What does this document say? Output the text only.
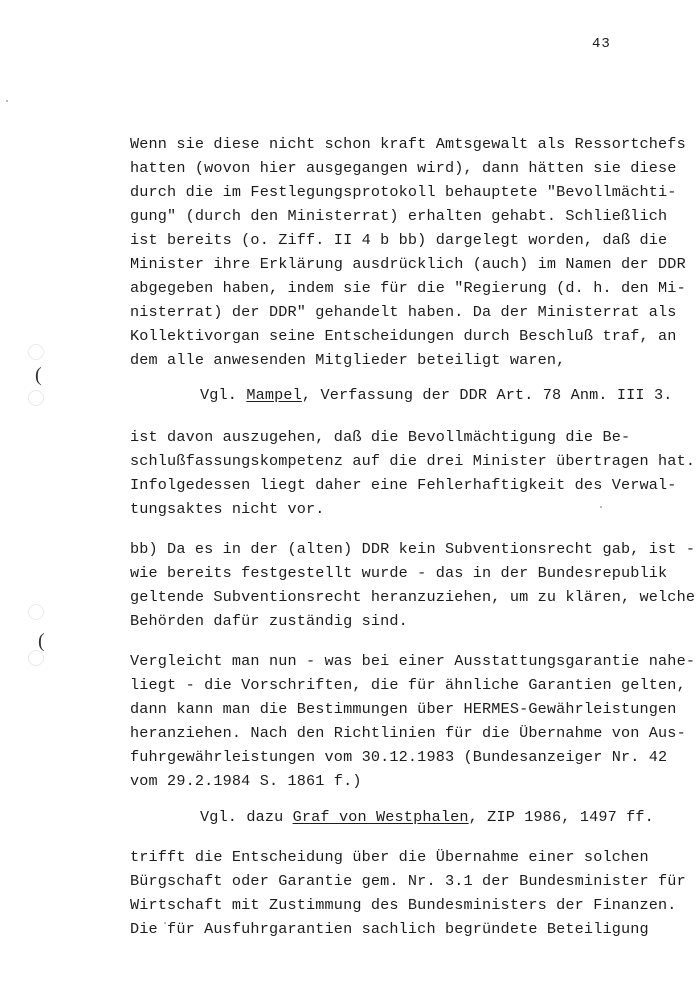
43
(
(
Wenn sie diese nicht schon kraft Amtsgewalt als Ressortchefs
hatten (wovon hier ausgegangen wird), dann hätten sie diese
durch die im Festlegungsprotokoll behauptete "Bevollmächti-
gung" (durch den Ministerrat) erhalten gehabt. Schließlich
ist bereits (o. Ziff. II 4 b bb) dargelegt worden, daß die
Minister ihre Erklärung ausdrücklich (auch) im Namen der DDR
abgegeben haben, indem sie für die "Regierung (d. h. den Mi-
nisterrat) der DDR" gehandelt haben. Da der Ministerrat als
Kollektivorgan seine Entscheidungen durch Beschluß traf, an
dem alle anwesenden Mitglieder beteiligt waren,
Vgl. Mampel, Verfassung der DDR Art. 78 Anm. III 3.
ist davon auszugehen, daß die Bevollmächtigung die Be-
schlußfassungskompetenz auf die drei Minister übertragen hat.
Infolgedessen liegt daher eine Fehlerhaftigkeit des Verwal-
tungsaktes nicht vor.
bb) Da es in der (alten) DDR kein Subventionsrecht gab, ist -
wie bereits festgestellt wurde - das in der Bundesrepublik
geltende Subventionsrecht heranzuziehen, um zu klären, welche
Behörden dafür zuständig sind.
Vergleicht man nun - was bei einer Ausstattungsgarantie nahe-
liegt - die Vorschriften, die für ähnliche Garantien gelten,
dann kann man die Bestimmungen über HERMES-Gewährleistungen
heranziehen. Nach den Richtlinien für die Übernahme von Aus-
fuhrgewährleistungen vom 30.12.1983 (Bundesanzeiger Nr. 42
vom 29.2.1984 S. 1861 f.)
Vgl. dazu Graf von Westphalen, ZIP 1986, 1497 ff.
trifft die Entscheidung über die Übernahme einer solchen
Bürgschaft oder Garantie gem. Nr. 3.1 der Bundesminister für
Wirtschaft mit Zustimmung des Bundesministers der Finanzen.
Die für Ausfuhrgarantien sachlich begründete Beteiligung
